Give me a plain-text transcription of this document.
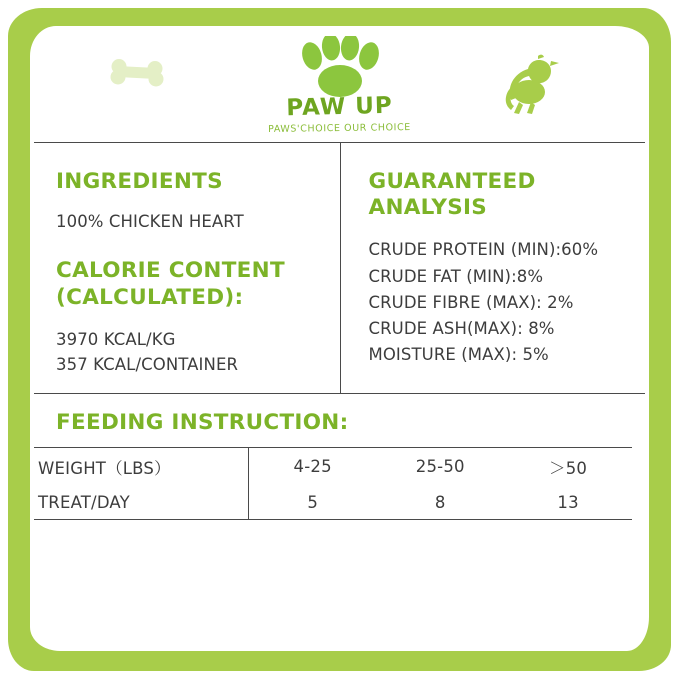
PAW UP
PAWS'CHOICE OUR CHOICE
INGREDIENTS

100% CHICKEN HEART

CALORIE CONTENT (CALCULATED):

3970 KCAL/KG

357 KCAL/CONTAINER

GUARANTEED ANALYSIS
CRUDE PROTEIN (MIN):60%
CRUDE FAT (MIN):8%
CRUDE FIBRE (MAX): 2%
CRUDE ASH(MAX): 8%
MOISTURE (MAX): 5%
FEEDING INSTRUCTION:
WEIGHT（LBS）	4-25	25-50	＞50
TREAT/DAY	5	8	13
